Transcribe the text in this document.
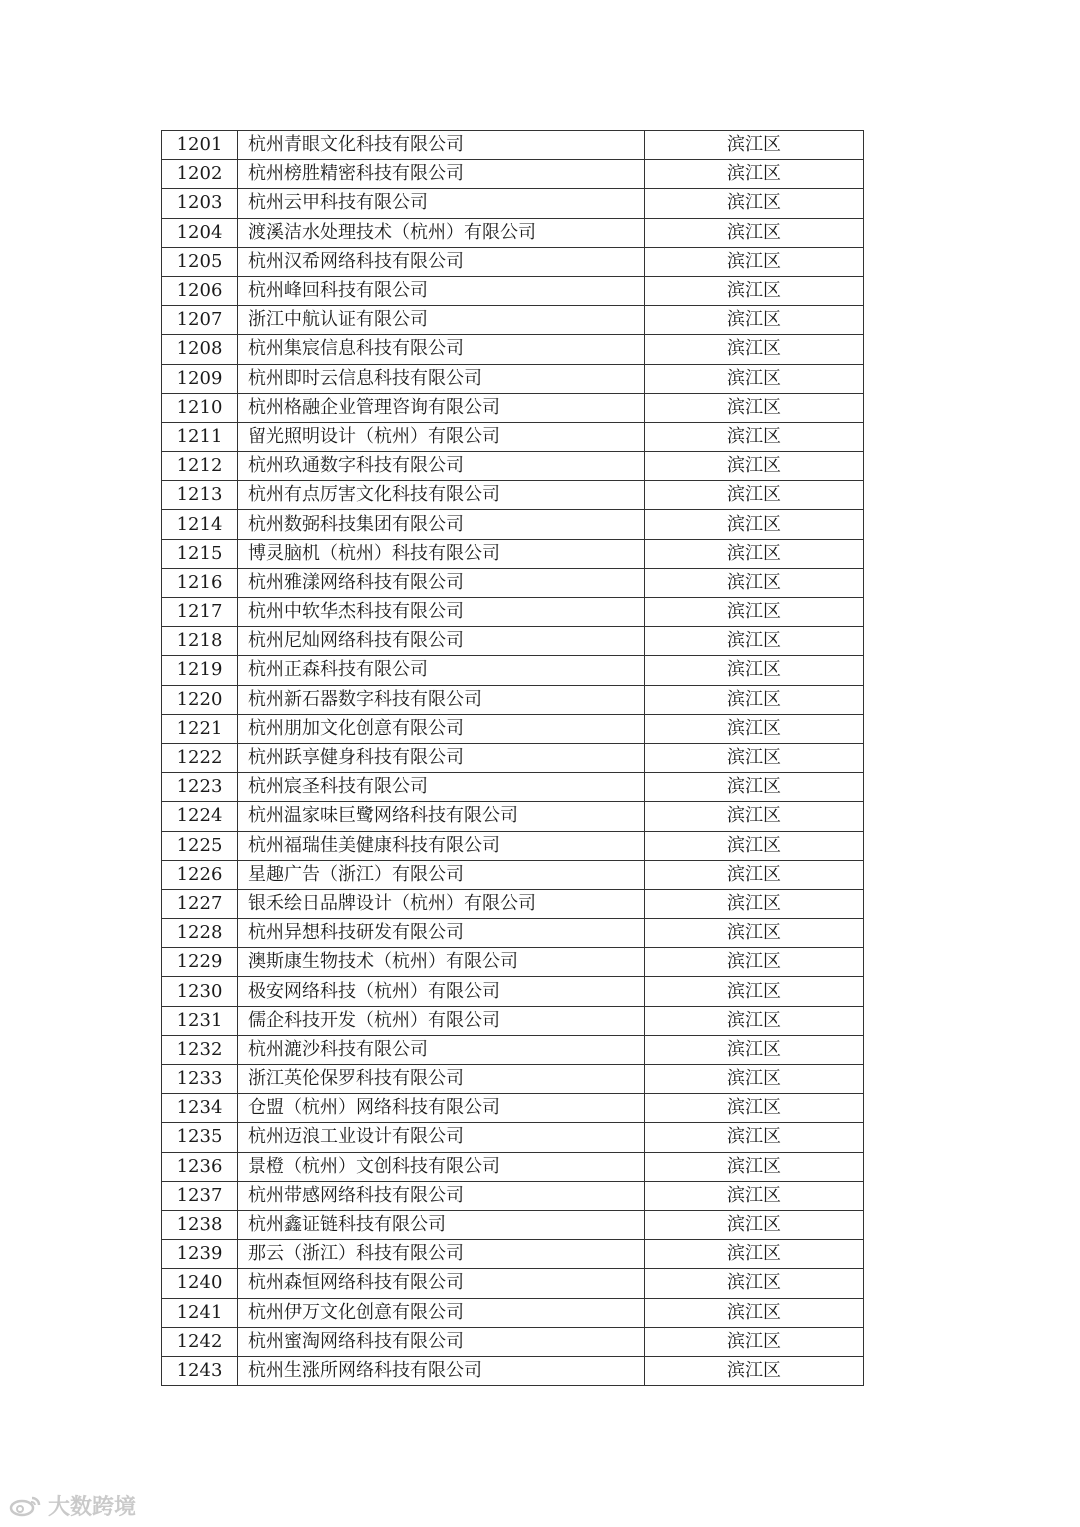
1201	杭州青眼文化科技有限公司	滨江区
1202	杭州榜胜精密科技有限公司	滨江区
1203	杭州云甲科技有限公司	滨江区
1204	渡溪洁水处理技术（杭州）有限公司	滨江区
1205	杭州汉希网络科技有限公司	滨江区
1206	杭州峰回科技有限公司	滨江区
1207	浙江中航认证有限公司	滨江区
1208	杭州集宸信息科技有限公司	滨江区
1209	杭州即时云信息科技有限公司	滨江区
1210	杭州格融企业管理咨询有限公司	滨江区
1211	留光照明设计（杭州）有限公司	滨江区
1212	杭州玖通数字科技有限公司	滨江区
1213	杭州有点厉害文化科技有限公司	滨江区
1214	杭州数弼科技集团有限公司	滨江区
1215	博灵脑机（杭州）科技有限公司	滨江区
1216	杭州雅漾网络科技有限公司	滨江区
1217	杭州中软华杰科技有限公司	滨江区
1218	杭州尼灿网络科技有限公司	滨江区
1219	杭州正森科技有限公司	滨江区
1220	杭州新石器数字科技有限公司	滨江区
1221	杭州朋加文化创意有限公司	滨江区
1222	杭州跃享健身科技有限公司	滨江区
1223	杭州宸圣科技有限公司	滨江区
1224	杭州温家味巨鹭网络科技有限公司	滨江区
1225	杭州福瑞佳美健康科技有限公司	滨江区
1226	星趣广告（浙江）有限公司	滨江区
1227	银禾绘日品牌设计（杭州）有限公司	滨江区
1228	杭州异想科技研发有限公司	滨江区
1229	澳斯康生物技术（杭州）有限公司	滨江区
1230	极安网络科技（杭州）有限公司	滨江区
1231	儒企科技开发（杭州）有限公司	滨江区
1232	杭州漉沙科技有限公司	滨江区
1233	浙江英伦保罗科技有限公司	滨江区
1234	仓盟（杭州）网络科技有限公司	滨江区
1235	杭州迈浪工业设计有限公司	滨江区
1236	景橙（杭州）文创科技有限公司	滨江区
1237	杭州带感网络科技有限公司	滨江区
1238	杭州鑫证链科技有限公司	滨江区
1239	那云（浙江）科技有限公司	滨江区
1240	杭州森恒网络科技有限公司	滨江区
1241	杭州伊万文化创意有限公司	滨江区
1242	杭州蜜淘网络科技有限公司	滨江区
1243	杭州生涨所网络科技有限公司	滨江区
大数跨境
